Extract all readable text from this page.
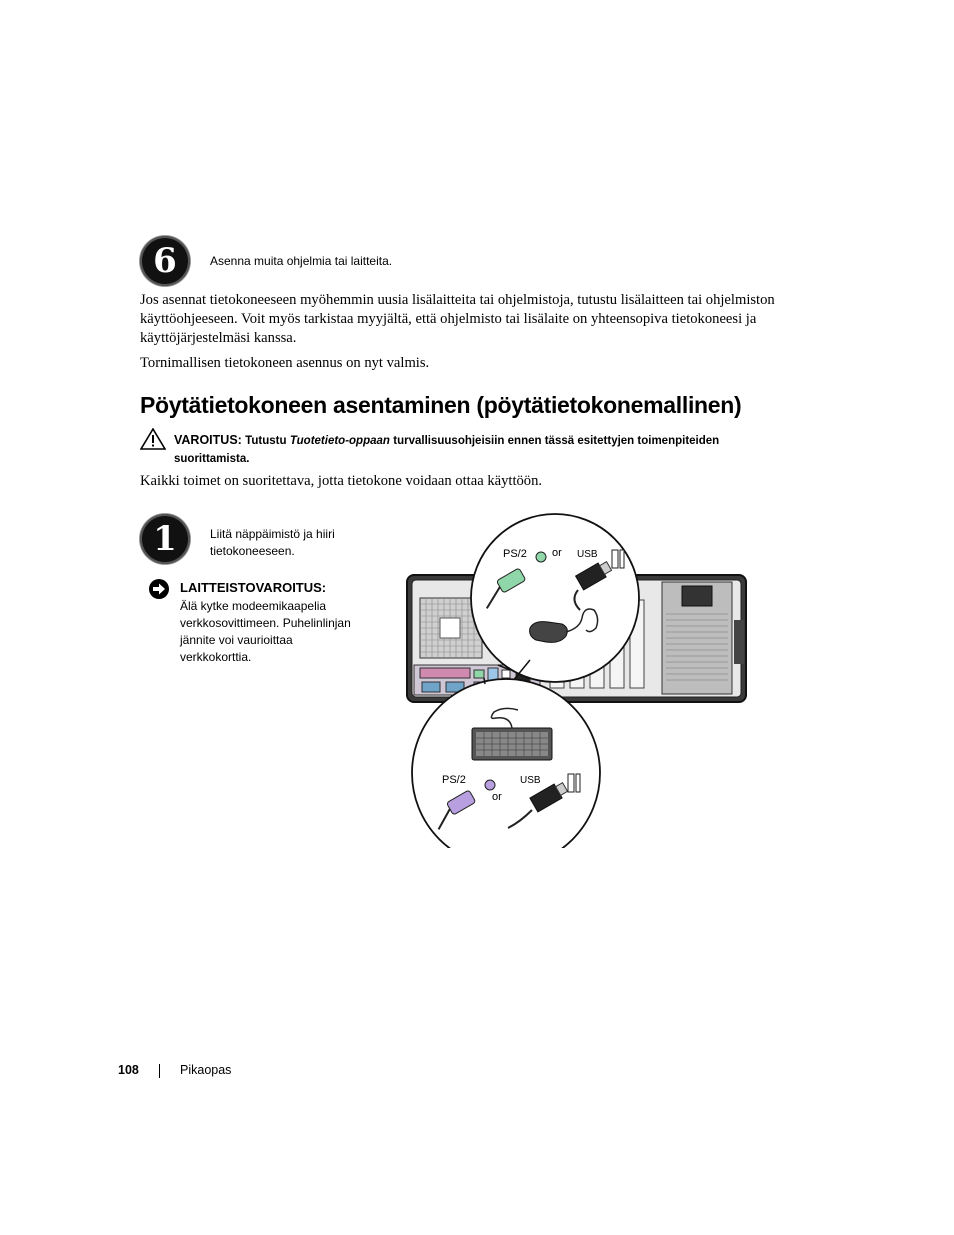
6	Asenna muita ohjelmia tai laitteita.
Jos asennat tietokoneeseen myöhemmin uusia lisälaitteita tai ohjelmistoja, tutustu lisälaitteen tai ohjelmiston käyttöohjeeseen. Voit myös tarkistaa myyjältä, että ohjelmisto tai lisälaite on yhteensopiva tietokoneesi ja käyttöjärjestelmäsi kanssa.
Tornimallisen tietokoneen asennus on nyt valmis.
Pöytätietokoneen asentaminen (pöytätietokonemallinen)
VAROITUS: Tutustu Tuotetieto-oppaan turvallisuusohjeisiin ennen tässä esitettyjen toimenpiteiden suorittamista.
Kaikki toimet on suoritettava, jotta tietokone voidaan ottaa käyttöön.
1	Liitä näppäimistö ja hiiri tietokoneeseen.
LAITTEISTOVAROITUS:
Älä kytke modeemikaapelia verkkosovittimeen. Puhelinlinjan jännite voi vaurioittaa verkkokorttia.
PS/2 or USB
PS/2
or
USB
108	Pikaopas
